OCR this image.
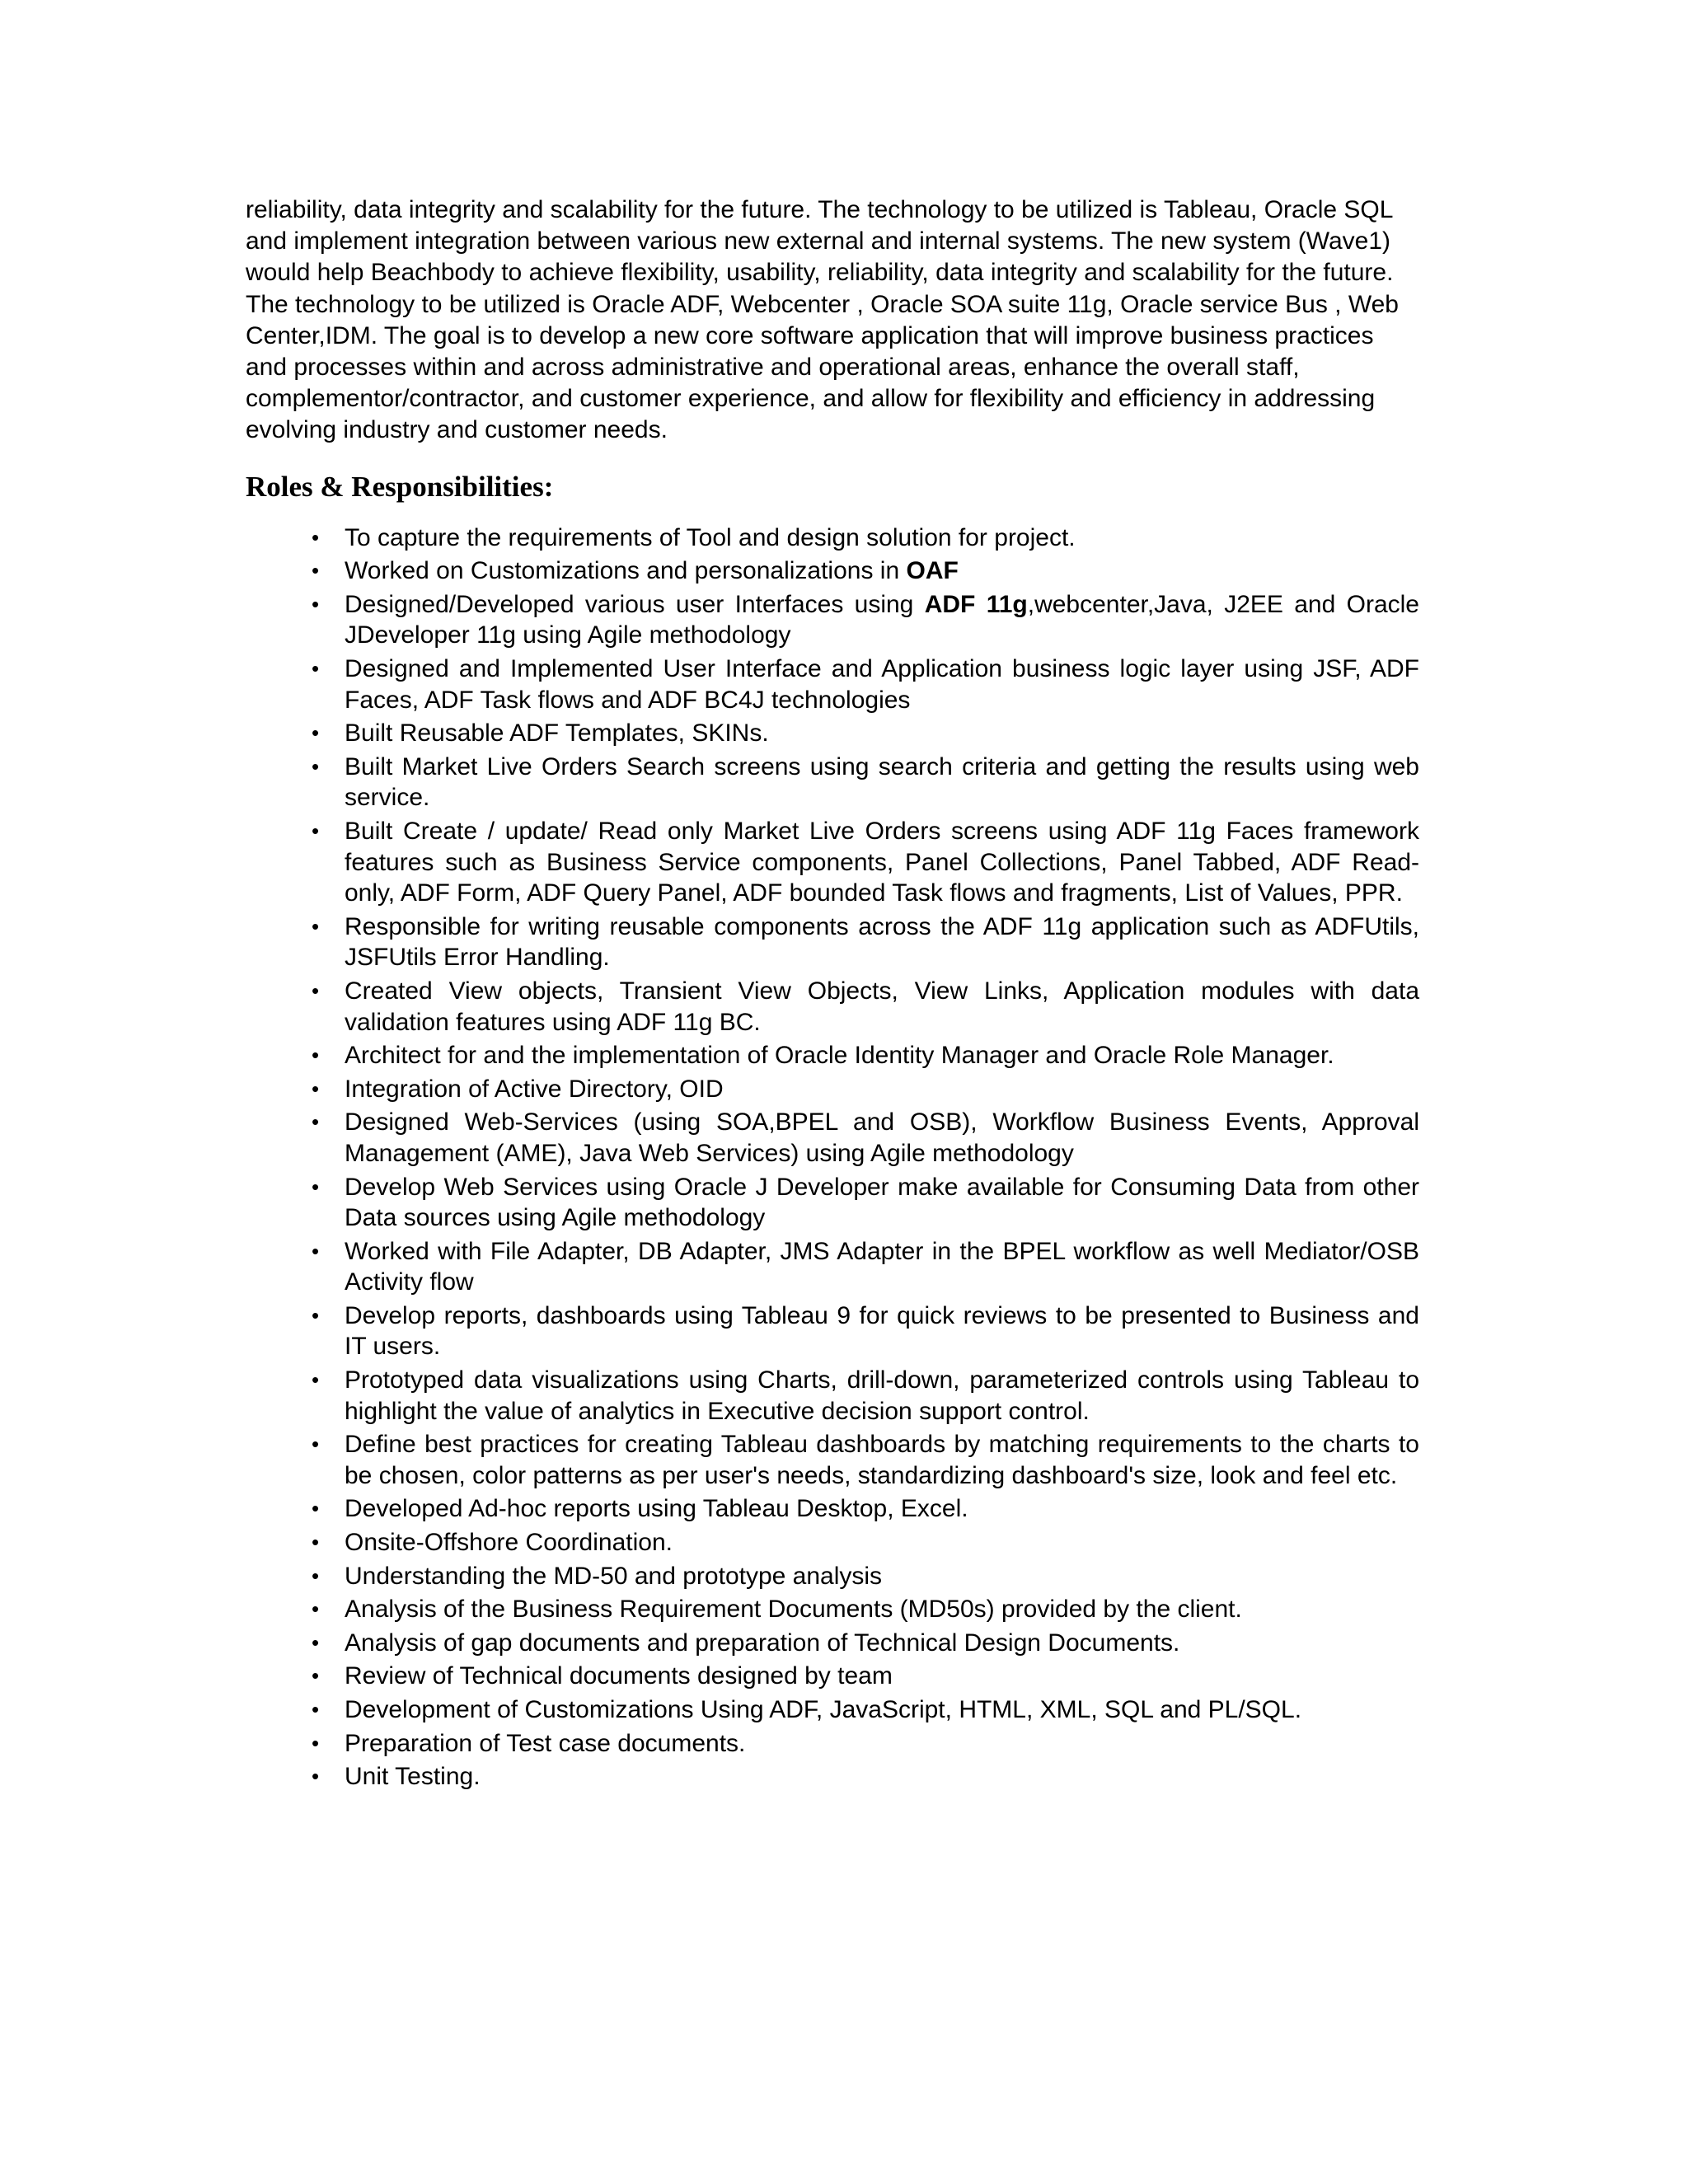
reliability, data integrity and scalability for the future. The technology to be utilized is Tableau, Oracle SQL and implement integration between various new external and internal systems. The new system (Wave1) would help Beachbody to achieve flexibility, usability, reliability, data integrity and scalability for the future. The technology to be utilized is Oracle ADF, Webcenter , Oracle SOA suite 11g, Oracle service Bus , Web Center,IDM. The goal is to develop a new core software application that will improve business practices and processes within and across administrative and operational areas, enhance the overall staff, complementor/contractor, and customer experience, and allow for flexibility and efficiency in addressing evolving industry and customer needs.

Roles & Responsibilities:
• To capture the requirements of Tool and design solution for project.
• Worked on Customizations and personalizations in OAF
• Designed/Developed various user Interfaces using ADF 11g,webcenter,Java, J2EE and Oracle JDeveloper 11g using Agile methodology
• Designed and Implemented User Interface and Application business logic layer using JSF, ADF Faces, ADF Task flows and ADF BC4J technologies
• Built Reusable ADF Templates, SKINs.
• Built Market Live Orders Search screens using search criteria and getting the results using web service.
• Built Create / update/ Read only Market Live Orders screens using ADF 11g Faces framework features such as Business Service components, Panel Collections, Panel Tabbed, ADF Read-only, ADF Form, ADF Query Panel, ADF bounded Task flows and fragments, List of Values, PPR.
• Responsible for writing reusable components across the ADF 11g application such as ADFUtils, JSFUtils Error Handling.
• Created View objects, Transient View Objects, View Links, Application modules with data validation features using ADF 11g BC.
• Architect for and the implementation of Oracle Identity Manager and Oracle Role Manager.
• Integration of Active Directory, OID
• Designed Web-Services (using SOA,BPEL and OSB), Workflow Business Events, Approval Management (AME), Java Web Services) using Agile methodology
• Develop Web Services using Oracle J Developer make available for Consuming Data from other Data sources using Agile methodology
• Worked with File Adapter, DB Adapter, JMS Adapter in the BPEL workflow as well Mediator/OSB Activity flow
• Develop reports, dashboards using Tableau 9 for quick reviews to be presented to Business and IT users.
• Prototyped data visualizations using Charts, drill-down, parameterized controls using Tableau to highlight the value of analytics in Executive decision support control.
• Define best practices for creating Tableau dashboards by matching requirements to the charts to be chosen, color patterns as per user's needs, standardizing dashboard's size, look and feel etc.
• Developed Ad-hoc reports using Tableau Desktop, Excel.
• Onsite-Offshore Coordination.
• Understanding the MD-50 and prototype analysis
• Analysis of the Business Requirement Documents (MD50s) provided by the client.
• Analysis of gap documents and preparation of Technical Design Documents.
• Review of Technical documents designed by team
• Development of Customizations Using ADF, JavaScript, HTML, XML, SQL and PL/SQL.
• Preparation of Test case documents.
• Unit Testing.
